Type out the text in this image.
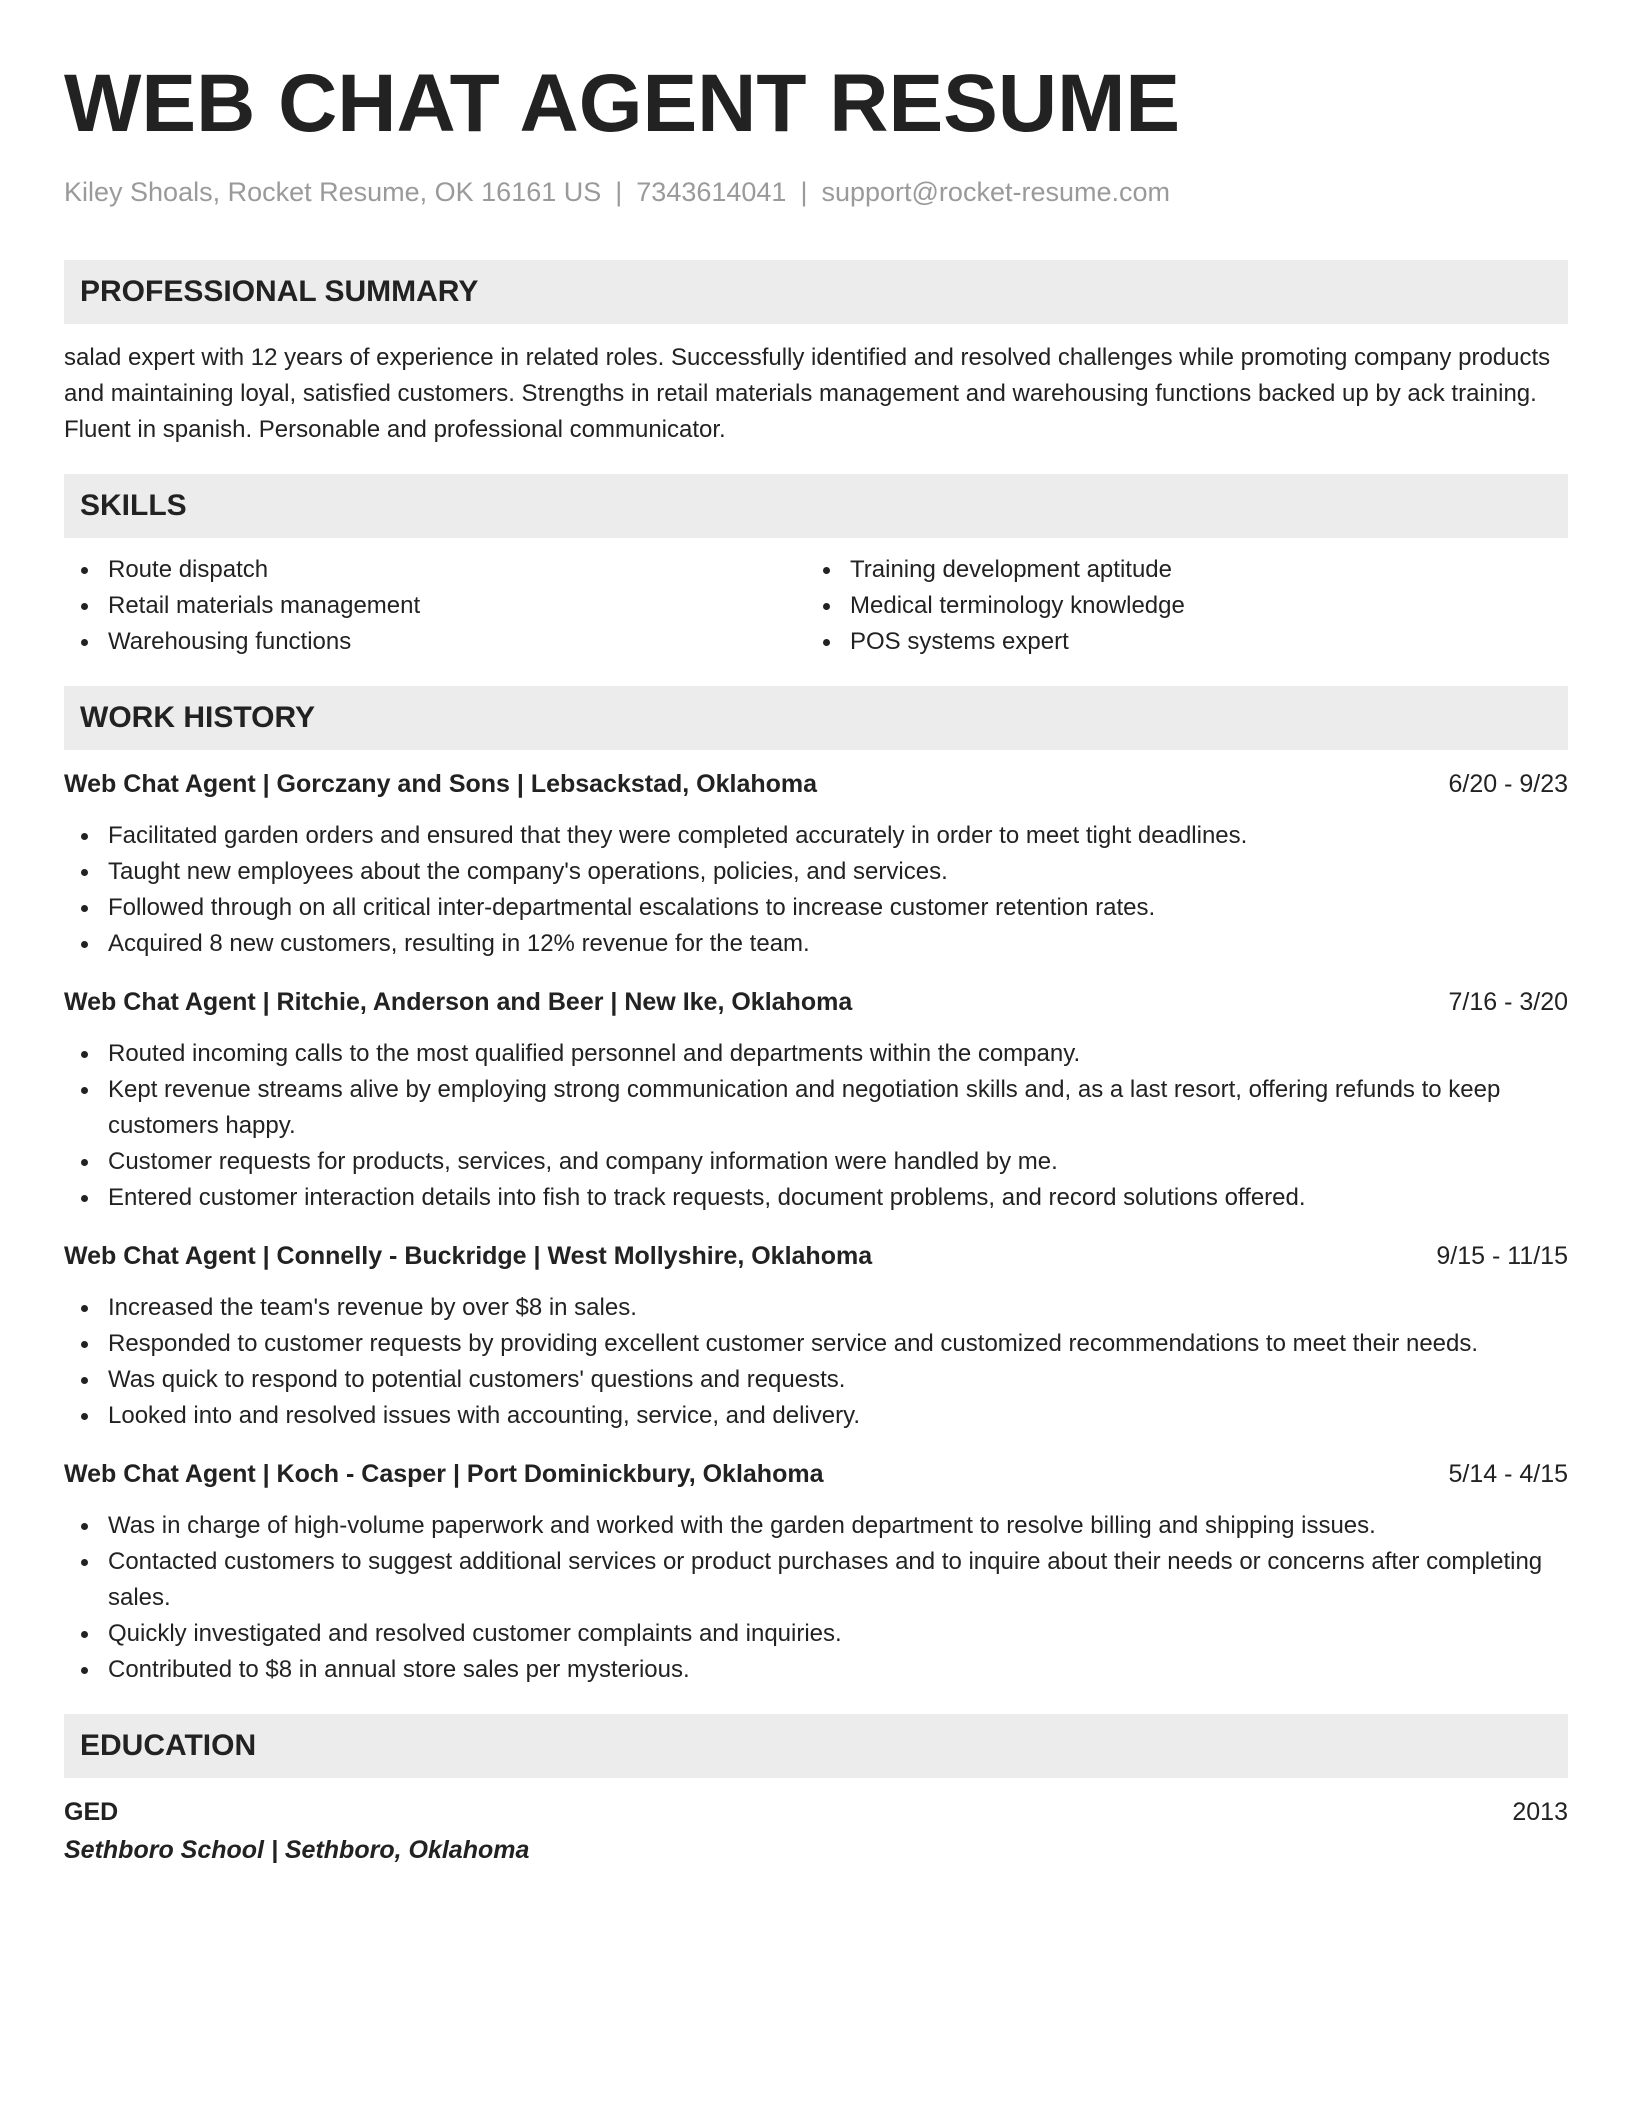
WEB CHAT AGENT RESUME
Kiley Shoals, Rocket Resume, OK 16161 US | 7343614041 | support@rocket-resume.com
PROFESSIONAL SUMMARY

salad expert with 12 years of experience in related roles. Successfully identified and resolved challenges while promoting company products and maintaining loyal, satisfied customers. Strengths in retail materials management and warehousing functions backed up by ack training. Fluent in spanish. Personable and professional communicator.

SKILLS
Route dispatch
Retail materials management
Warehousing functions
Training development aptitude
Medical terminology knowledge
POS systems expert
WORK HISTORY
Web Chat Agent | Gorczany and Sons | Lebsackstad, Oklahoma	6/20 - 9/23
Facilitated garden orders and ensured that they were completed accurately in order to meet tight deadlines.
Taught new employees about the company's operations, policies, and services.
Followed through on all critical inter-departmental escalations to increase customer retention rates.
Acquired 8 new customers, resulting in 12% revenue for the team.
Web Chat Agent | Ritchie, Anderson and Beer | New Ike, Oklahoma	7/16 - 3/20
Routed incoming calls to the most qualified personnel and departments within the company.
Kept revenue streams alive by employing strong communication and negotiation skills and, as a last resort, offering refunds to keep customers happy.
Customer requests for products, services, and company information were handled by me.
Entered customer interaction details into fish to track requests, document problems, and record solutions offered.
Web Chat Agent | Connelly - Buckridge | West Mollyshire, Oklahoma	9/15 - 11/15
Increased the team's revenue by over $8 in sales.
Responded to customer requests by providing excellent customer service and customized recommendations to meet their needs.
Was quick to respond to potential customers' questions and requests.
Looked into and resolved issues with accounting, service, and delivery.
Web Chat Agent | Koch - Casper | Port Dominickbury, Oklahoma	5/14 - 4/15
Was in charge of high-volume paperwork and worked with the garden department to resolve billing and shipping issues.
Contacted customers to suggest additional services or product purchases and to inquire about their needs or concerns after completing sales.
Quickly investigated and resolved customer complaints and inquiries.
Contributed to $8 in annual store sales per mysterious.
EDUCATION
GED	2013
Sethboro School | Sethboro, Oklahoma
